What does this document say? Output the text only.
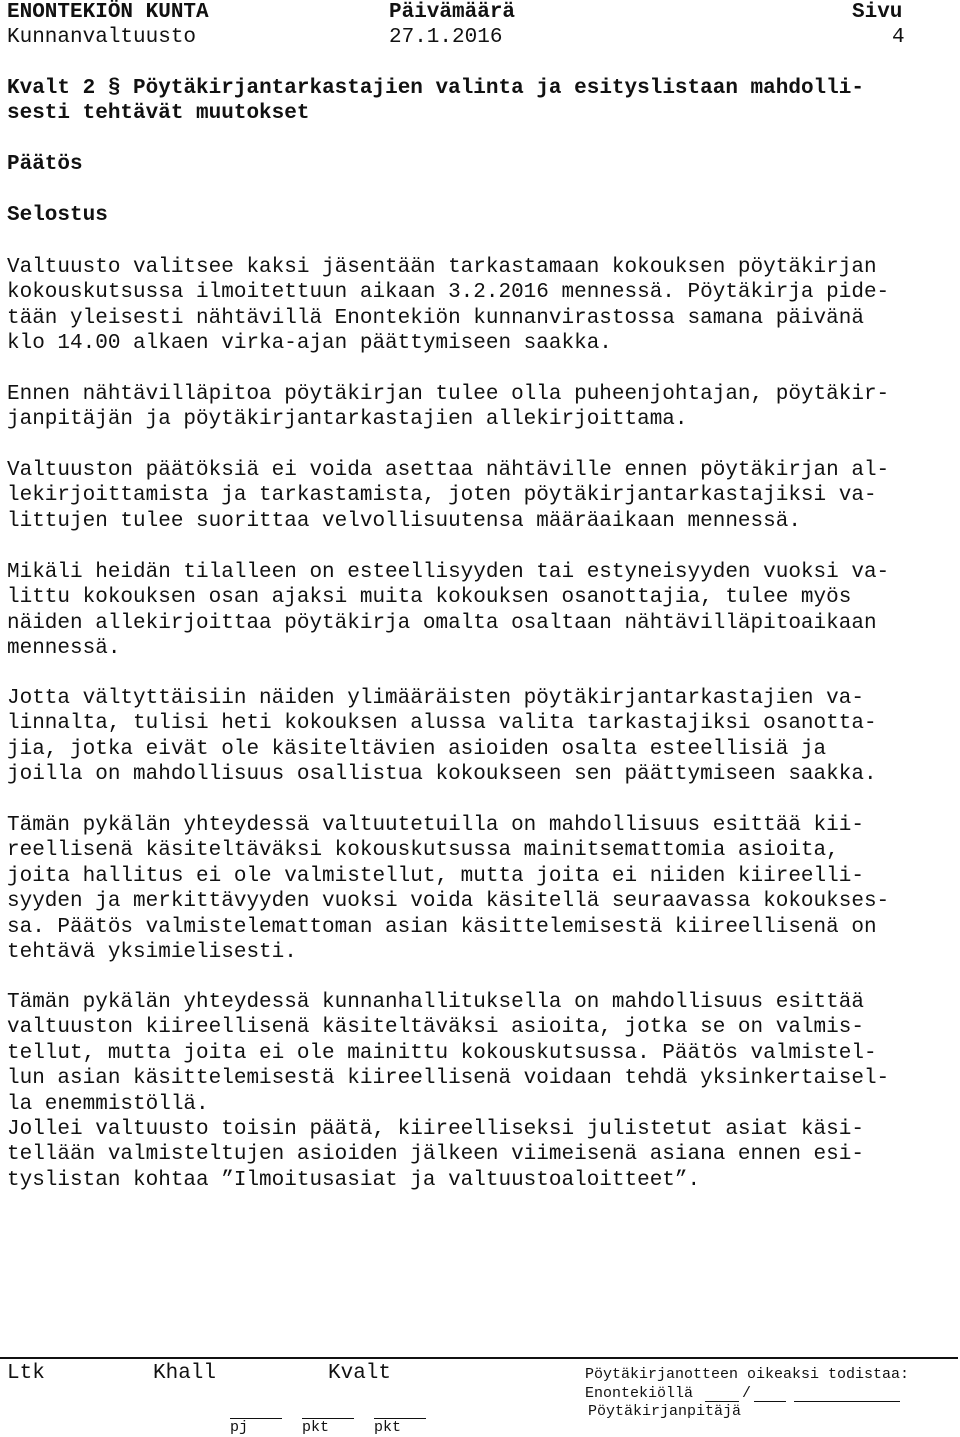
ENONTEKIÖN KUNTA	Päivämäärä	Sivu
Kunnanvaltuusto	27.1.2016	4
Kvalt 2 § Pöytäkirjantarkastajien valinta ja esityslistaan mahdolli-
sesti tehtävät muutokset
Päätös
Selostus
Valtuusto valitsee kaksi jäsentään tarkastamaan kokouksen pöytäkirjan
kokouskutsussa ilmoitettuun aikaan 3.2.2016 mennessä. Pöytäkirja pide-
tään yleisesti nähtävillä Enontekiön kunnanvirastossa samana päivänä
klo 14.00 alkaen virka-ajan päättymiseen saakka.
Ennen nähtävilläpitoa pöytäkirjan tulee olla puheenjohtajan, pöytäkir-
janpitäjän ja pöytäkirjantarkastajien allekirjoittama.
Valtuuston päätöksiä ei voida asettaa nähtäville ennen pöytäkirjan al-
lekirjoittamista ja tarkastamista, joten pöytäkirjantarkastajiksi va-
littujen tulee suorittaa velvollisuutensa määräaikaan mennessä.
Mikäli heidän tilalleen on esteellisyyden tai estyneisyyden vuoksi va-
littu kokouksen osan ajaksi muita kokouksen osanottajia, tulee myös
näiden allekirjoittaa pöytäkirja omalta osaltaan nähtävilläpitoaikaan
mennessä.
Jotta vältyttäisiin näiden ylimääräisten pöytäkirjantarkastajien va-
linnalta, tulisi heti kokouksen alussa valita tarkastajiksi osanotta-
jia, jotka eivät ole käsiteltävien asioiden osalta esteellisiä ja
joilla on mahdollisuus osallistua kokoukseen sen päättymiseen saakka.
Tämän pykälän yhteydessä valtuutetuilla on mahdollisuus esittää kii-
reellisenä käsiteltäväksi kokouskutsussa mainitsemattomia asioita,
joita hallitus ei ole valmistellut, mutta joita ei niiden kiireelli-
syyden ja merkittävyyden vuoksi voida käsitellä seuraavassa kokoukses-
sa. Päätös valmistelemattoman asian käsittelemisestä kiireellisenä on
tehtävä yksimielisesti.
Tämän pykälän yhteydessä kunnanhallituksella on mahdollisuus esittää
valtuuston kiireellisenä käsiteltäväksi asioita, jotka se on valmis-
tellut, mutta joita ei ole mainittu kokouskutsussa. Päätös valmistel-
lun asian käsittelemisestä kiireellisenä voidaan tehdä yksinkertaisel-
la enemmistöllä.
Jollei valtuusto toisin päätä, kiireelliseksi julistetut asiat käsi-
tellään valmisteltujen asioiden jälkeen viimeisenä asiana ennen esi-
tyslistan kohtaa ”Ilmoitusasiat ja valtuustoaloitteet”.
Ltk	Khall	Kvalt	Pöytäkirjanotteen oikeaksi todistaa:
Enontekiöllä	/
Pöytäkirjanpitäjä
pj	pkt	pkt
